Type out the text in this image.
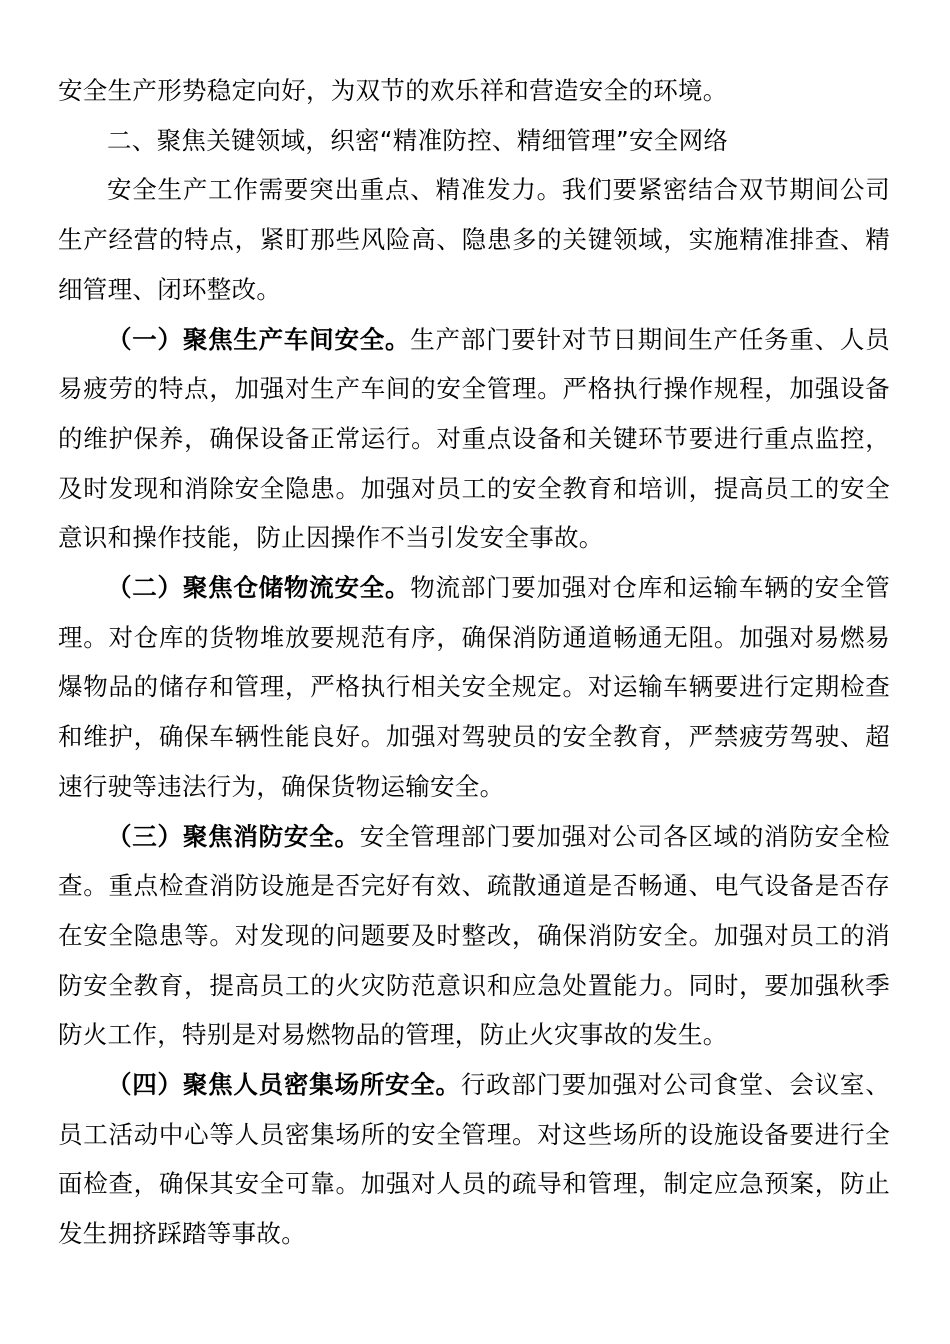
安全生产形势稳定向好，为双节的欢乐祥和营造安全的环境。

二、聚焦关键领域，织密“精准防控、精细管理”安全网络

安全生产工作需要突出重点、精准发力。我们要紧密结合双节期间公司生产经营的特点，紧盯那些风险高、隐患多的关键领域，实施精准排查、精细管理、闭环整改。

（一）聚焦生产车间安全。生产部门要针对节日期间生产任务重、人员易疲劳的特点，加强对生产车间的安全管理。严格执行操作规程，加强设备的维护保养，确保设备正常运行。对重点设备和关键环节要进行重点监控，及时发现和消除安全隐患。加强对员工的安全教育和培训，提高员工的安全意识和操作技能，防止因操作不当引发安全事故。

（二）聚焦仓储物流安全。物流部门要加强对仓库和运输车辆的安全管理。对仓库的货物堆放要规范有序，确保消防通道畅通无阻。加强对易燃易爆物品的储存和管理，严格执行相关安全规定。对运输车辆要进行定期检查和维护，确保车辆性能良好。加强对驾驶员的安全教育，严禁疲劳驾驶、超速行驶等违法行为，确保货物运输安全。

（三）聚焦消防安全。安全管理部门要加强对公司各区域的消防安全检查。重点检查消防设施是否完好有效、疏散通道是否畅通、电气设备是否存在安全隐患等。对发现的问题要及时整改，确保消防安全。加强对员工的消防安全教育，提高员工的火灾防范意识和应急处置能力。同时，要加强秋季防火工作，特别是对易燃物品的管理，防止火灾事故的发生。

（四）聚焦人员密集场所安全。行政部门要加强对公司食堂、会议室、员工活动中心等人员密集场所的安全管理。对这些场所的设施设备要进行全面检查，确保其安全可靠。加强对人员的疏导和管理，制定应急预案，防止发生拥挤踩踏等事故。
